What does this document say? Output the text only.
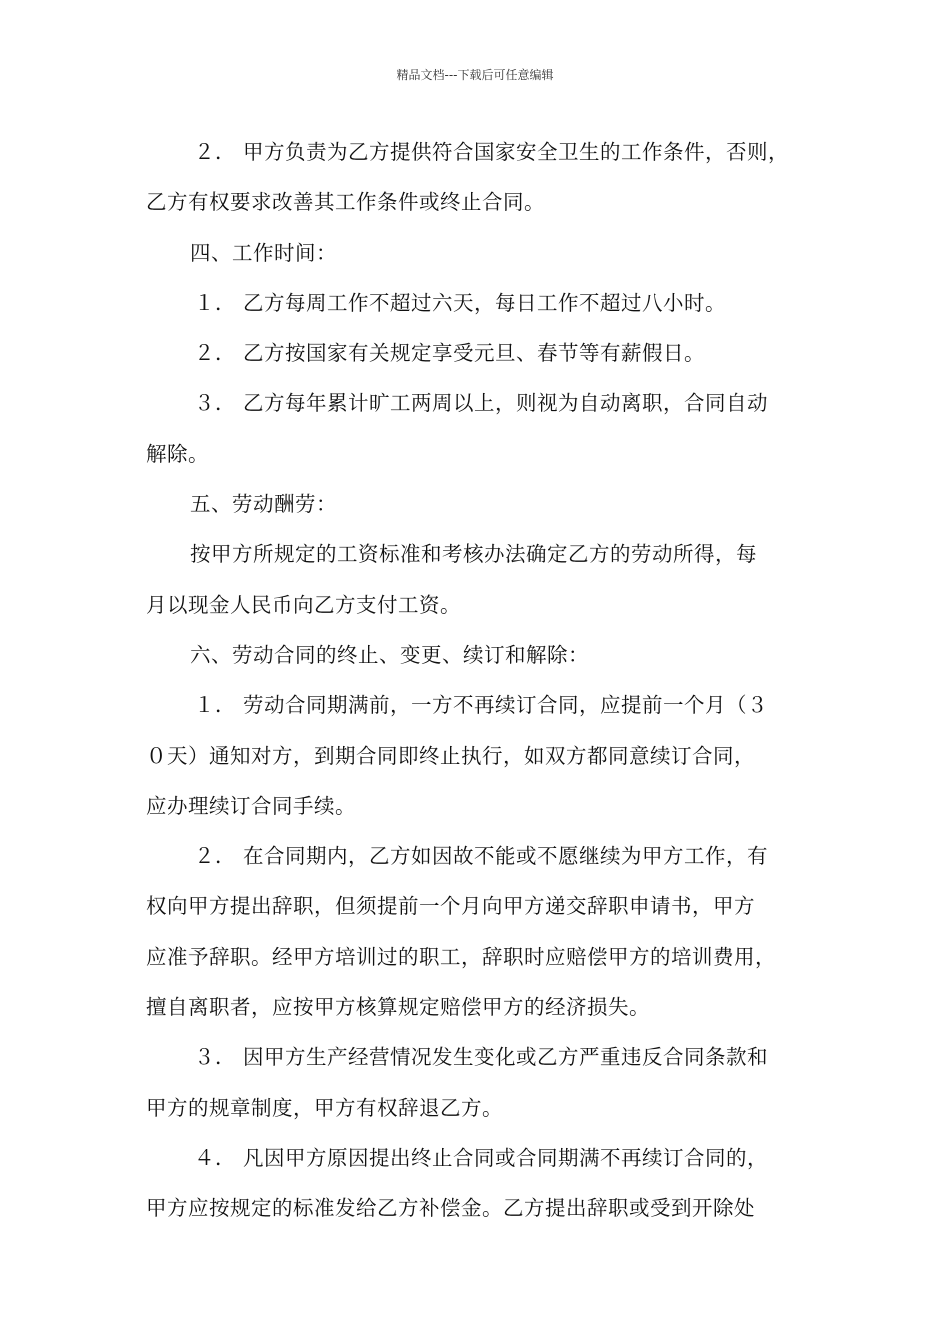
精品文档---下载后可任意编辑
２． 甲方负责为乙方提供符合国家安全卫生的工作条件，否则，
乙方有权要求改善其工作条件或终止合同。
四、工作时间：
１． 乙方每周工作不超过六天，每日工作不超过八小时。
２． 乙方按国家有关规定享受元旦、春节等有薪假日。
３． 乙方每年累计旷工两周以上，则视为自动离职，合同自动
解除。
五、劳动酬劳：
按甲方所规定的工资标准和考核办法确定乙方的劳动所得，每
月以现金人民币向乙方支付工资。
六、劳动合同的终止、变更、续订和解除：
１． 劳动合同期满前，一方不再续订合同，应提前一个月（３
０天）通知对方，到期合同即终止执行，如双方都同意续订合同，
应办理续订合同手续。
２． 在合同期内，乙方如因故不能或不愿继续为甲方工作，有
权向甲方提出辞职，但须提前一个月向甲方递交辞职申请书，甲方
应准予辞职。经甲方培训过的职工，辞职时应赔偿甲方的培训费用，
擅自离职者，应按甲方核算规定赔偿甲方的经济损失。
３． 因甲方生产经营情况发生变化或乙方严重违反合同条款和
甲方的规章制度，甲方有权辞退乙方。
４． 凡因甲方原因提出终止合同或合同期满不再续订合同的，
甲方应按规定的标准发给乙方补偿金。乙方提出辞职或受到开除处
